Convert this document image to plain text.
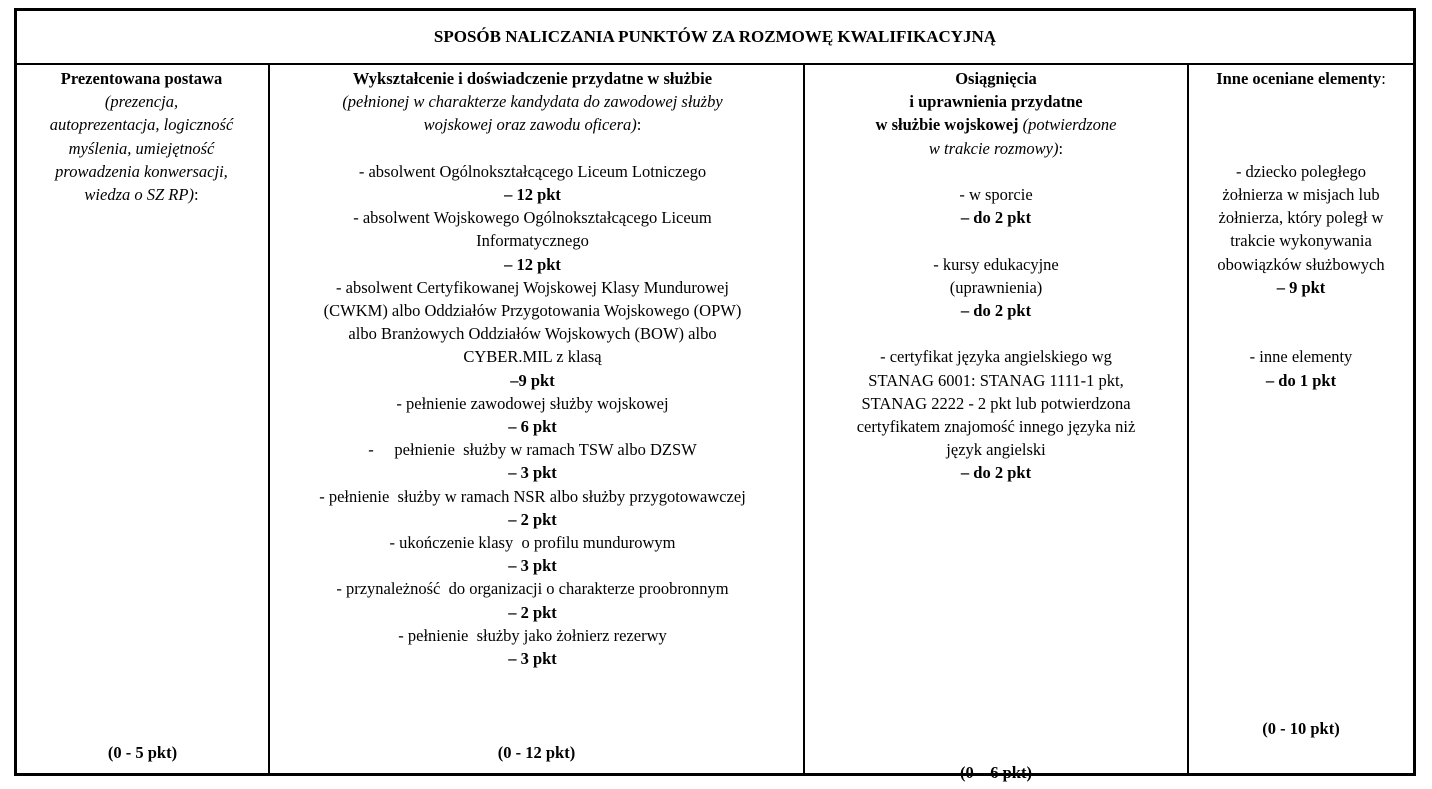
SPOSÓB NALICZANIA PUNKTÓW ZA ROZMOWĘ KWALIFIKACYJNĄ
Prezentowana postawa
(prezencja,
autoprezentacja, logiczność
myślenia, umiejętność
prowadzenia konwersacji,
wiedza o SZ RP):
(0 - 5 pkt)
Wykształcenie i doświadczenie przydatne w służbie
(pełnionej w charakterze kandydata do zawodowej służby
wojskowej oraz zawodu oficera):
- absolwent Ogólnokształcącego Liceum Lotniczego
– 12 pkt
- absolwent Wojskowego Ogólnokształcącego Liceum
Informatycznego
– 12 pkt
- absolwent Certyfikowanej Wojskowej Klasy Mundurowej
(CWKM) albo Oddziałów Przygotowania Wojskowego (OPW)
albo Branżowych Oddziałów Wojskowych (BOW) albo
CYBER.MIL z klasą
–9 pkt
- pełnienie zawodowej służby wojskowej
– 6 pkt
-     pełnienie  służby w ramach TSW albo DZSW
– 3 pkt
- pełnienie  służby w ramach NSR albo służby przygotowawczej
– 2 pkt
- ukończenie klasy  o profilu mundurowym
– 3 pkt
- przynależność  do organizacji o charakterze proobronnym
– 2 pkt
- pełnienie  służby jako żołnierz rezerwy
– 3 pkt
(0 - 12 pkt)
Osiągnięcia
i uprawnienia przydatne
w służbie wojskowej (potwierdzone
w trakcie rozmowy):
- w sporcie
– do 2 pkt
- kursy edukacyjne
(uprawnienia)
– do 2 pkt
- certyfikat języka angielskiego wg
STANAG 6001: STANAG 1111-1 pkt,
STANAG 2222 - 2 pkt lub potwierdzona
certyfikatem znajomość innego języka niż
język angielski
– do 2 pkt
(0 – 6 pkt)
Inne oceniane elementy:
- dziecko poległego
żołnierza w misjach lub
żołnierza, który poległ w
trakcie wykonywania
obowiązków służbowych
– 9 pkt
- inne elementy
– do 1 pkt
(0 - 10 pkt)
